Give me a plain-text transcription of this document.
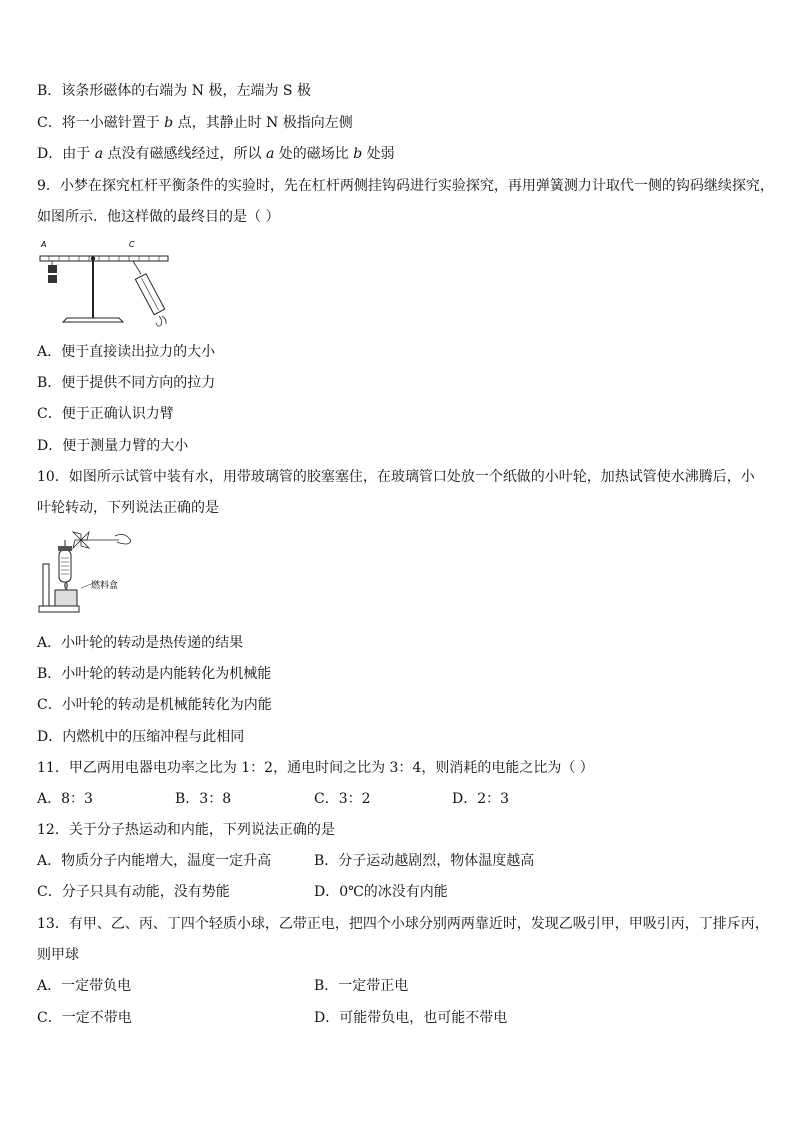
B．该条形磁体的右端为 N 极，左端为 S 极
C．将一小磁针置于 b 点，其静止时 N 极指向左侧
D．由于 a 点没有磁感线经过，所以 a 处的磁场比 b 处弱
9．小梦在探究杠杆平衡条件的实验时，先在杠杆两侧挂钩码进行实验探究，再用弹簧测力计取代一侧的钩码继续探究，
如图所示．他这样做的最终目的是（ ）
A	C
A．便于直接读出拉力的大小
B．便于提供不同方向的拉力
C．便于正确认识力臂
D．便于测量力臂的大小
10．如图所示试管中装有水，用带玻璃管的胶塞塞住，在玻璃管口处放一个纸做的小叶轮，加热试管使水沸腾后，小
叶轮转动，下列说法正确的是
燃料盒
A．小叶轮的转动是热传递的结果
B．小叶轮的转动是内能转化为机械能
C．小叶轮的转动是机械能转化为内能
D．内燃机中的压缩冲程与此相同
11．甲乙两用电器电功率之比为 1：2，通电时间之比为 3：4，则消耗的电能之比为（ ）
A．8：3	B．3：8	C．3：2	D．2：3
12．关于分子热运动和内能，下列说法正确的是
A．物质分子内能增大，温度一定升高	B．分子运动越剧烈，物体温度越高
C．分子只具有动能，没有势能	D．0℃的冰没有内能
13．有甲、乙、丙、丁四个轻质小球，乙带正电，把四个小球分别两两靠近时，发现乙吸引甲，甲吸引丙，丁排斥丙，
则甲球
A．一定带负电	B．一定带正电
C．一定不带电	D．可能带负电，也可能不带电
